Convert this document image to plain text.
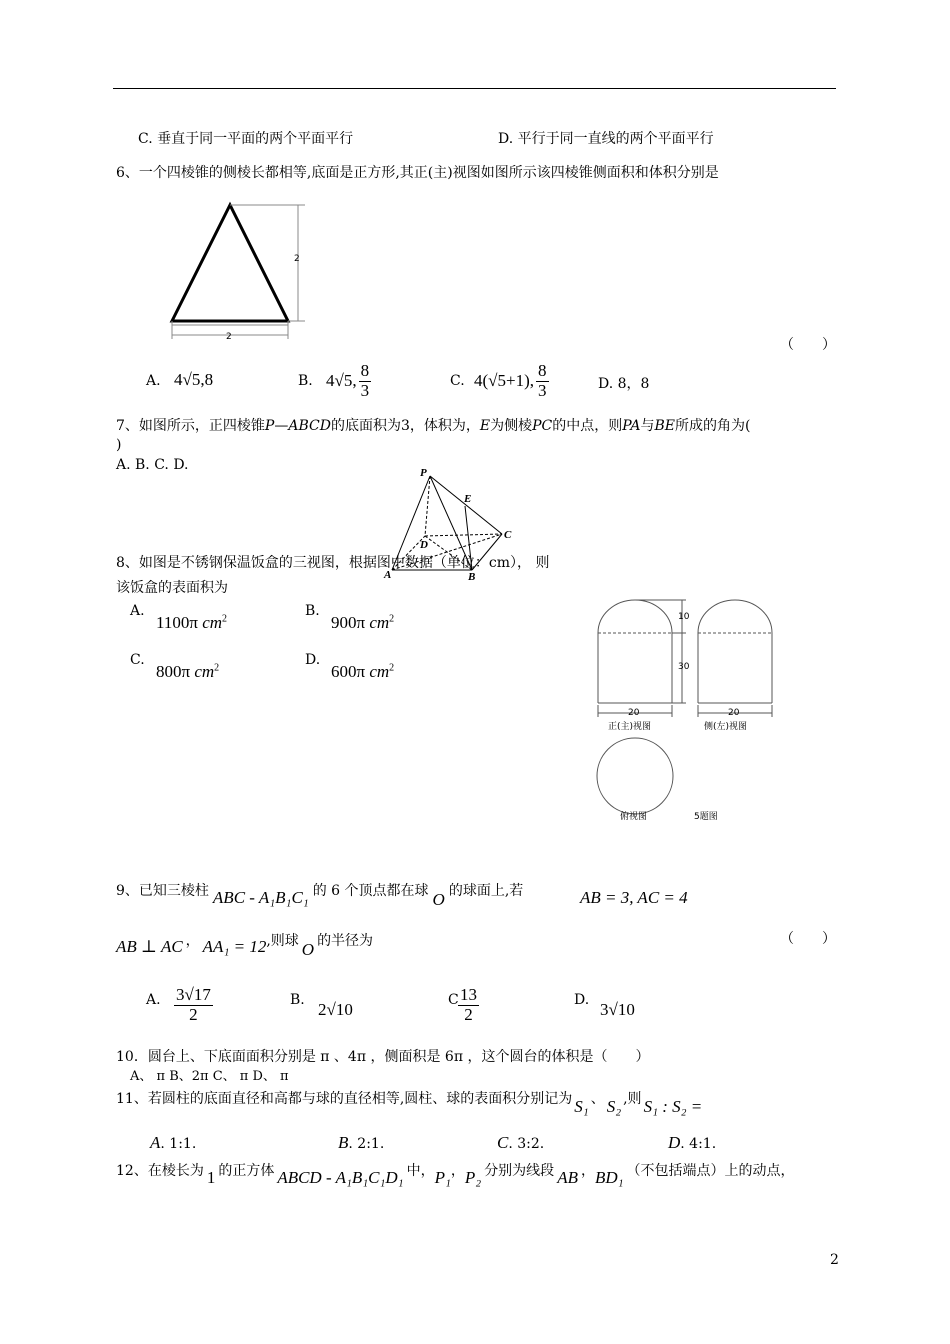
C. 垂直于同一平面的两个平面平行	D. 平行于同一直线的两个平面平行
6、一个四棱锥的侧棱长都相等,底面是正方形,其正(主)视图如图所示该四棱锥侧面积和体积分别是
2
2
（　　）
A. 4√5,8	B. 4√5, $\frac{8}{3}$	C. 4(√5+1), $\frac{8}{3}$	D. 8，8
7、如图所示，正四棱锥P—ABCD的底面积为3，体积为，E为侧棱PC的中点，则PA与BE所成的角为(
)
A. B. C. D.	P
E
C
D
A	B
8、如图是不锈钢保温饭盒的三视图，根据图中数据（单位：cm）， 则
该饭盒的表面积为
A.
1100π $cm^2$	B.
900π $cm^2$
C.
800π $cm^2$	D.
600π $cm^2$
10
30
20	20
正(主)视图	侧(左)视图
俯视图	5题图
9、已知三棱柱 ABC - A₁B₁C₁ 的 6 个顶点都在球 O 的球面上,若	AB = 3, AC = 4
AB ⊥ AC ， AA₁ = 12 ,则球 O 的半径为	（　　）
A. $\frac{3√17}{2}$	B. 2√10	C $\frac{13}{2}$	D. 3√10
10．圆台上、下底面面积分别是 π 、4π ，侧面积是 6π ，这个圆台的体积是（　　）
A、 π B、2π C、 π D、 π
11、若圆柱的底面直径和高都与球的直径相等,圆柱、球的表面积分别记为 S₁ 、 S₂ ,则 S₁ : S₂ =
A. 1:1.	B. 2:1.	C. 3:2.	D. 4:1.
12、在棱长为 1 的正方体 ABCD - A₁B₁C₁D₁ 中， P₁ ， P₂ 分别为线段 AB ， BD₁ （不包括端点）上的动点，
2
